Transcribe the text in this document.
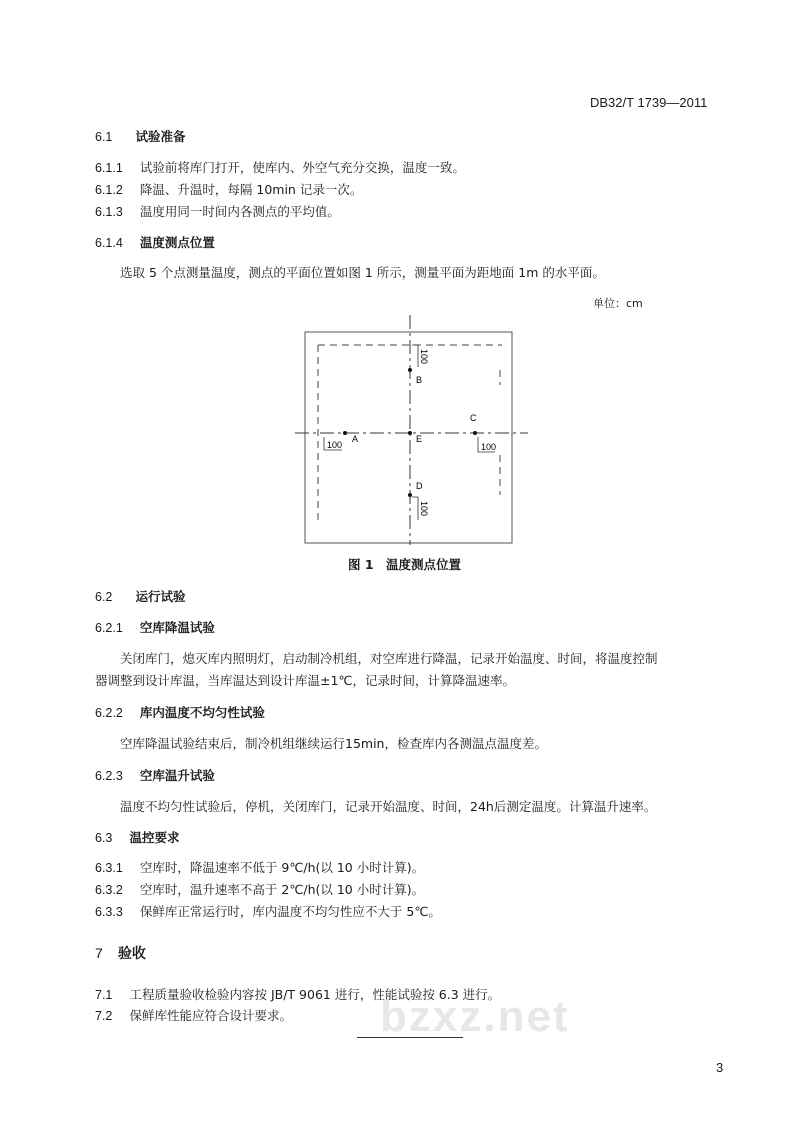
DB32/T 1739—2011
6.1 试验准备
6.1.1 试验前将库门打开，使库内、外空气充分交换，温度一致。
6.1.2 降温、升温时，每隔 10min 记录一次。
6.1.3 温度用同一时间内各测点的平均值。
6.1.4 温度测点位置
选取 5 个点测量温度，测点的平面位置如图 1 所示，测量平面为距地面 1m 的水平面。
单位：cm
B
A	E
C
D
100
100	100
100
图 1　温度测点位置
6.2 运行试验
6.2.1 空库降温试验
关闭库门，熄灭库内照明灯，启动制冷机组，对空库进行降温，记录开始温度、时间，将温度控制
器调整到设计库温，当库温达到设计库温±1℃，记录时间，计算降温速率。
6.2.2 库内温度不均匀性试验
空库降温试验结束后，制冷机组继续运行15min，检查库内各测温点温度差。
6.2.3 空库温升试验
温度不均匀性试验后，停机，关闭库门，记录开始温度、时间，24h后测定温度。计算温升速率。
6.3 温控要求
6.3.1 空库时，降温速率不低于 9℃/h(以 10 小时计算)。
6.3.2 空库时，温升速率不高于 2℃/h(以 10 小时计算)。
6.3.3 保鲜库正常运行时，库内温度不均匀性应不大于 5℃。
7 验收
7.1 工程质量验收检验内容按 JB/T 9061 进行，性能试验按 6.3 进行。
7.2 保鲜库性能应符合设计要求。 bzxz.net
3
